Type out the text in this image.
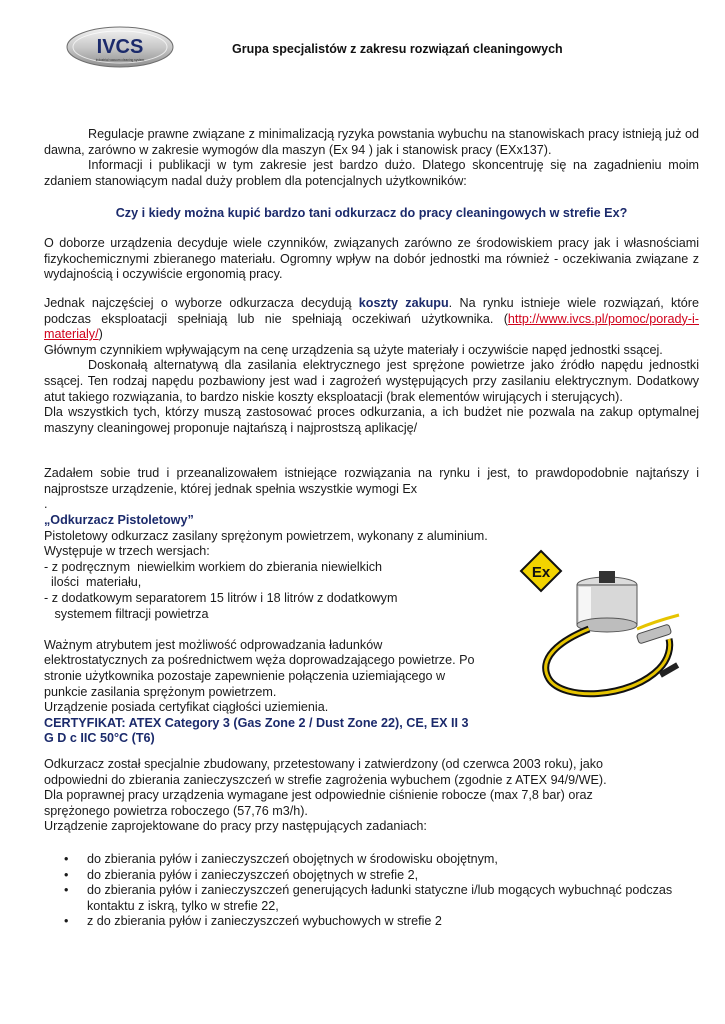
IVCS
industrial vacuum cleaning system
Grupa specjalistów z zakresu rozwiązań cleaningowych

Regulacje prawne związane z minimalizacją ryzyka powstania wybuchu na stanowiskach pracy istnieją już od dawna, zarówno w zakresie wymogów dla maszyn (Ex 94 ) jak i stanowisk pracy (EXx137).

Informacji i publikacji w tym zakresie jest bardzo dużo. Dlatego skoncentruję się na zagadnieniu moim zdaniem stanowiącym nadal duży problem dla potencjalnych użytkowników:

Czy i kiedy można kupić bardzo tani odkurzacz do pracy cleaningowych w strefie Ex?
O doborze urządzenia decyduje wiele czynników, związanych zarówno ze środowiskiem pracy jak i własnościami fizykochemicznymi zbieranego materiału. Ogromny wpływ na dobór jednostki ma również - oczekiwania związane z wydajnością i oczywiście ergonomią pracy.

Jednak najczęściej o wyborze odkurzacza decydują koszty zakupu. Na rynku istnieje wiele rozwiązań, które podczas eksploatacji spełniają lub nie spełniają oczekiwań użytkownika. (http://www.ivcs.pl/pomoc/porady-i-materialy/)

Głównym czynnikiem wpływającym na cenę urządzenia są użyte materiały i oczywiście napęd jednostki ssącej.

Doskonałą alternatywą dla zasilania elektrycznego jest sprężone powietrze jako źródło napędu jednostki ssącej. Ten rodzaj napędu pozbawiony jest wad i zagrożeń występujących przy zasilaniu elektrycznym. Dodatkowy atut takiego rozwiązania, to bardzo niskie koszty eksploatacji (brak elementów wirujących i sterujących).

Dla wszystkich tych, którzy muszą zastosować proces odkurzania, a ich budżet nie pozwala na zakup optymalnej maszyny cleaningowej proponuje najtańszą i najprostszą aplikację/

Zadałem sobie trud i przeanalizowałem istniejące rozwiązania na rynku i jest, to prawdopodobnie najtańszy i najprostsze urządzenie, której jednak spełnia wszystkie wymogi Ex

.

„Odkurzacz Pistoletowy”

Pistoletowy odkurzacz zasilany sprężonym powietrzem, wykonany z aluminium.

Występuje w trzech wersjach:

- z podręcznym  niewielkim workiem do zbierania niewielkich

ilości  materiału,

- z dodatkowym separatorem 15 litrów i 18 litrów z dodatkowym

systemem filtracji powietrza

Ważnym atrybutem jest możliwość odprowadzania ładunków

elektrostatycznych za pośrednictwem węża doprowadzającego powietrze. Po

stronie użytkownika pozostaje zapewnienie połączenia uziemiającego w

punkcie zasilania sprężonym powietrzem.

Urządzenie posiada certyfikat ciągłości uziemienia.

CERTYFIKAT: ATEX Category 3 (Gas Zone 2 / Dust Zone 22), CE, EX II 3

G D c IIC 50°C (T6)

Ex

Odkurzacz został specjalnie zbudowany, przetestowany i zatwierdzony (od czerwca 2003 roku), jako

odpowiedni do zbierania zanieczyszczeń w strefie zagrożenia wybuchem (zgodnie z ATEX 94/9/WE).

Dla poprawnej pracy urządzenia wymagane jest odpowiednie ciśnienie robocze (max 7,8 bar) oraz

sprężonego powietrza roboczego (57,76 m3/h).

Urządzenie zaprojektowane do pracy przy następujących zadaniach:

• do zbierania pyłów i zanieczyszczeń obojętnych w środowisku obojętnym,
• do zbierania pyłów i zanieczyszczeń obojętnych w strefie 2,
• do zbierania pyłów i zanieczyszczeń generujących ładunki statyczne i/lub mogących wybuchnąć podczas kontaktu z iskrą, tylko w strefie 22,
• z do zbierania pyłów i zanieczyszczeń wybuchowych w strefie 2
